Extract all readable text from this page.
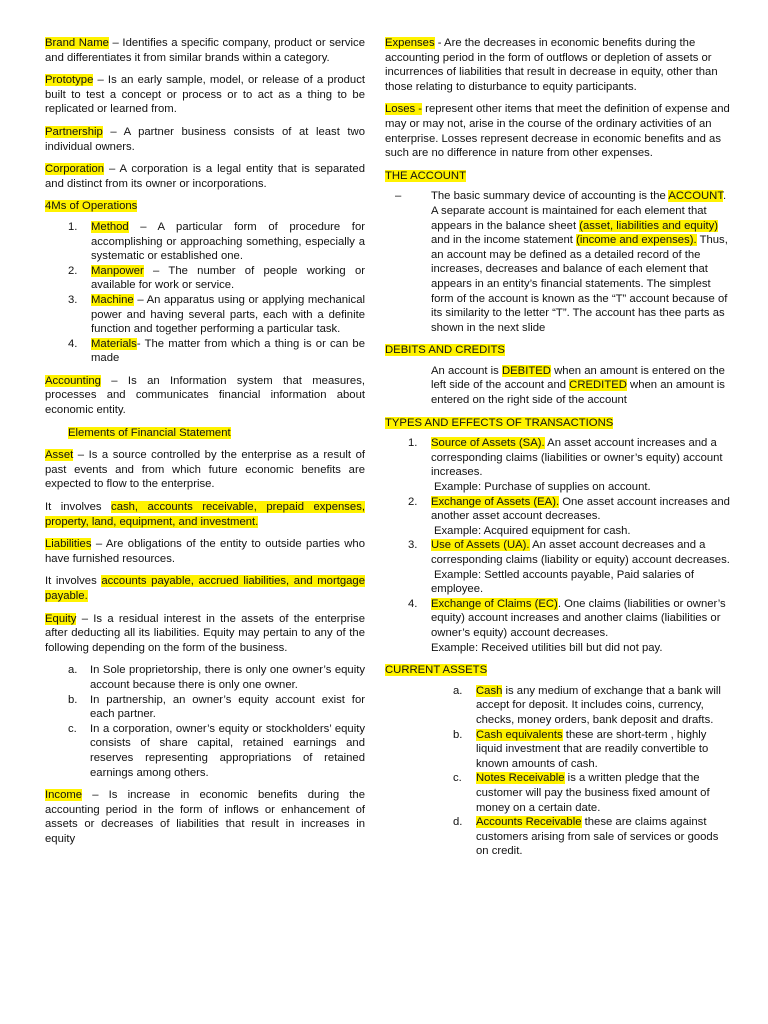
Brand Name – Identifies a specific company, product or service and differentiates it from similar brands within a category.

Prototype – Is an early sample, model, or release of a product built to test a concept or process or to act as a thing to be replicated or learned from.

Partnership – A partner business consists of at least two individual owners.

Corporation – A corporation is a legal entity that is separated and distinct from its owner or incorporations.

4Ms of Operations

1. Method – A particular form of procedure for accomplishing or approaching something, especially a systematic or established one.
2. Manpower – The number of people working or available for work or service.
3. Machine – An apparatus using or applying mechanical power and having several parts, each with a definite function and together performing a particular task.
4. Materials- The matter from which a thing is or can be made

Accounting – Is an Information system that measures, processes and communicates financial information about economic entity.

Elements of Financial Statement

Asset – Is a source controlled by the enterprise as a result of past events and from which future economic benefits are expected to flow to the enterprise.

It involves cash, accounts receivable, prepaid expenses, property, land, equipment, and investment.

Liabilities – Are obligations of the entity to outside parties who have furnished resources.

It involves accounts payable, accrued liabilities, and mortgage payable.

Equity – Is a residual interest in the assets of the enterprise after deducting all its liabilities. Equity may pertain to any of the following depending on the form of the business.

a. In Sole proprietorship, there is only one owner’s equity account because there is only one owner.
b. In partnership, an owner’s equity account exist for each partner.
c. In a corporation, owner’s equity or stockholders’ equity consists of share capital, retained earnings and reserves representing appropriations of retained earnings among others.

Income – Is increase in economic benefits during the accounting period in the form of inflows or enhancement of assets or decreases of liabilities that result in increases in equity

Expenses - Are the decreases in economic benefits during the accounting period in the form of outflows or depletion of assets or incurrences of liabilities that result in decrease in equity, other than those relating to disturbance to equity participants.

Loses - represent other items that meet the definition of expense and may or may not, arise in the course of the ordinary activities of an enterprise. Losses represent decrease in economic benefits and as such are no difference in nature from other expenses.

THE ACCOUNT

–	The basic summary device of accounting is the ACCOUNT. A separate account is maintained for each element that appears in the balance sheet (asset, liabilities and equity) and in the income statement (income and expenses). Thus, an account may be defined as a detailed record of the increases, decreases and balance of each element that appears in an entity’s financial statements. The simplest form of the account is known as the “T” account because of its similarity to the letter “T”. The account has thee parts as shown in the next slide

DEBITS AND CREDITS

An account is DEBITED when an amount is entered on the left side of the account and CREDITED when an amount is entered on the right side of the account

TYPES AND EFFECTS OF TRANSACTIONS

1. Source of Assets (SA). An asset account increases and a corresponding claims (liabilities or owner’s equity) account increases.
Example: Purchase of supplies on account.
2. Exchange of Assets (EA). One asset account increases and another asset account decreases.
Example: Acquired equipment for cash.
3. Use of Assets (UA). An asset account decreases and a corresponding claims (liability or equity) account decreases.
Example: Settled accounts payable, Paid salaries of employee.
4. Exchange of Claims (EC). One claims (liabilities or owner’s equity) account increases and another claims (liabilities or owner’s equity) account decreases.
Example: Received utilities bill but did not pay.

CURRENT ASSETS

a. Cash is any medium of exchange that a bank will accept for deposit. It includes coins, currency, checks, money orders, bank deposit and drafts.
b. Cash equivalents these are short-term , highly liquid investment that are readily convertible to known amounts of cash.
c. Notes Receivable is a written pledge that the customer will pay the business fixed amount of money on a certain date.
d. Accounts Receivable these are claims against customers arising from sale of services or goods on credit.
